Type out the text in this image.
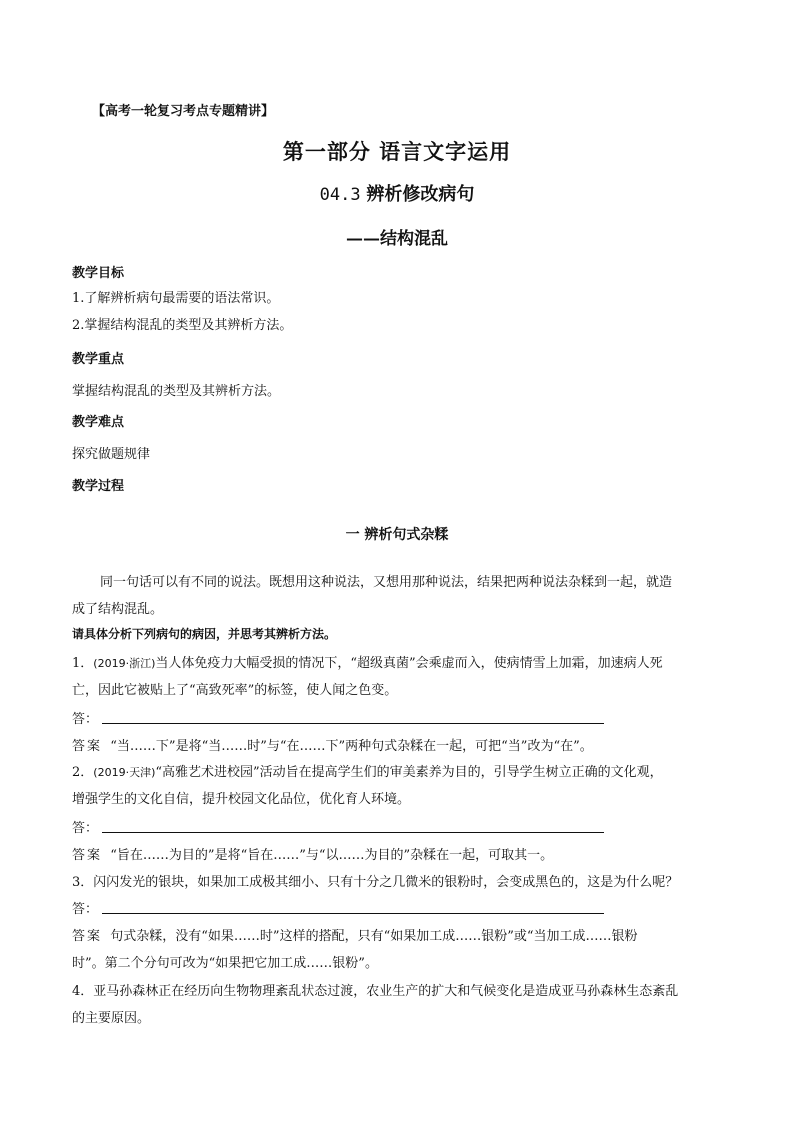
【高考一轮复习考点专题精讲】
第一部分 语言文字运用
04.3 辨析修改病句
——结构混乱
教学目标
1.了解辨析病句最需要的语法常识。
2.掌握结构混乱的类型及其辨析方法。
教学重点
掌握结构混乱的类型及其辨析方法。
教学难点
探究做题规律
教学过程
一 辨析句式杂糅
同一句话可以有不同的说法。既想用这种说法，又想用那种说法，结果把两种说法杂糅到一起，就造
成了结构混乱。
请具体分析下列病句的病因，并思考其辨析方法。
1．(2019·浙江)当人体免疫力大幅受损的情况下，“超级真菌”会乘虚而入，使病情雪上加霜，加速病人死
亡，因此它被贴上了“高致死率”的标签，使人闻之色变。
答：
答案 “当……下”是将“当……时”与“在……下”两种句式杂糅在一起，可把“当”改为“在”。
2．(2019·天津)“高雅艺术进校园”活动旨在提高学生们的审美素养为目的，引导学生树立正确的文化观，
增强学生的文化自信，提升校园文化品位，优化育人环境。
答：
答案 “旨在……为目的”是将“旨在……”与“以……为目的”杂糅在一起，可取其一。
3．闪闪发光的银块，如果加工成极其细小、只有十分之几微米的银粉时，会变成黑色的，这是为什么呢？
答：
答案 句式杂糅，没有“如果……时”这样的搭配，只有“如果加工成……银粉”或“当加工成……银粉
时”。第二个分句可改为“如果把它加工成……银粉”。
4．亚马孙森林正在经历向生物物理紊乱状态过渡，农业生产的扩大和气候变化是造成亚马孙森林生态紊乱
的主要原因。
